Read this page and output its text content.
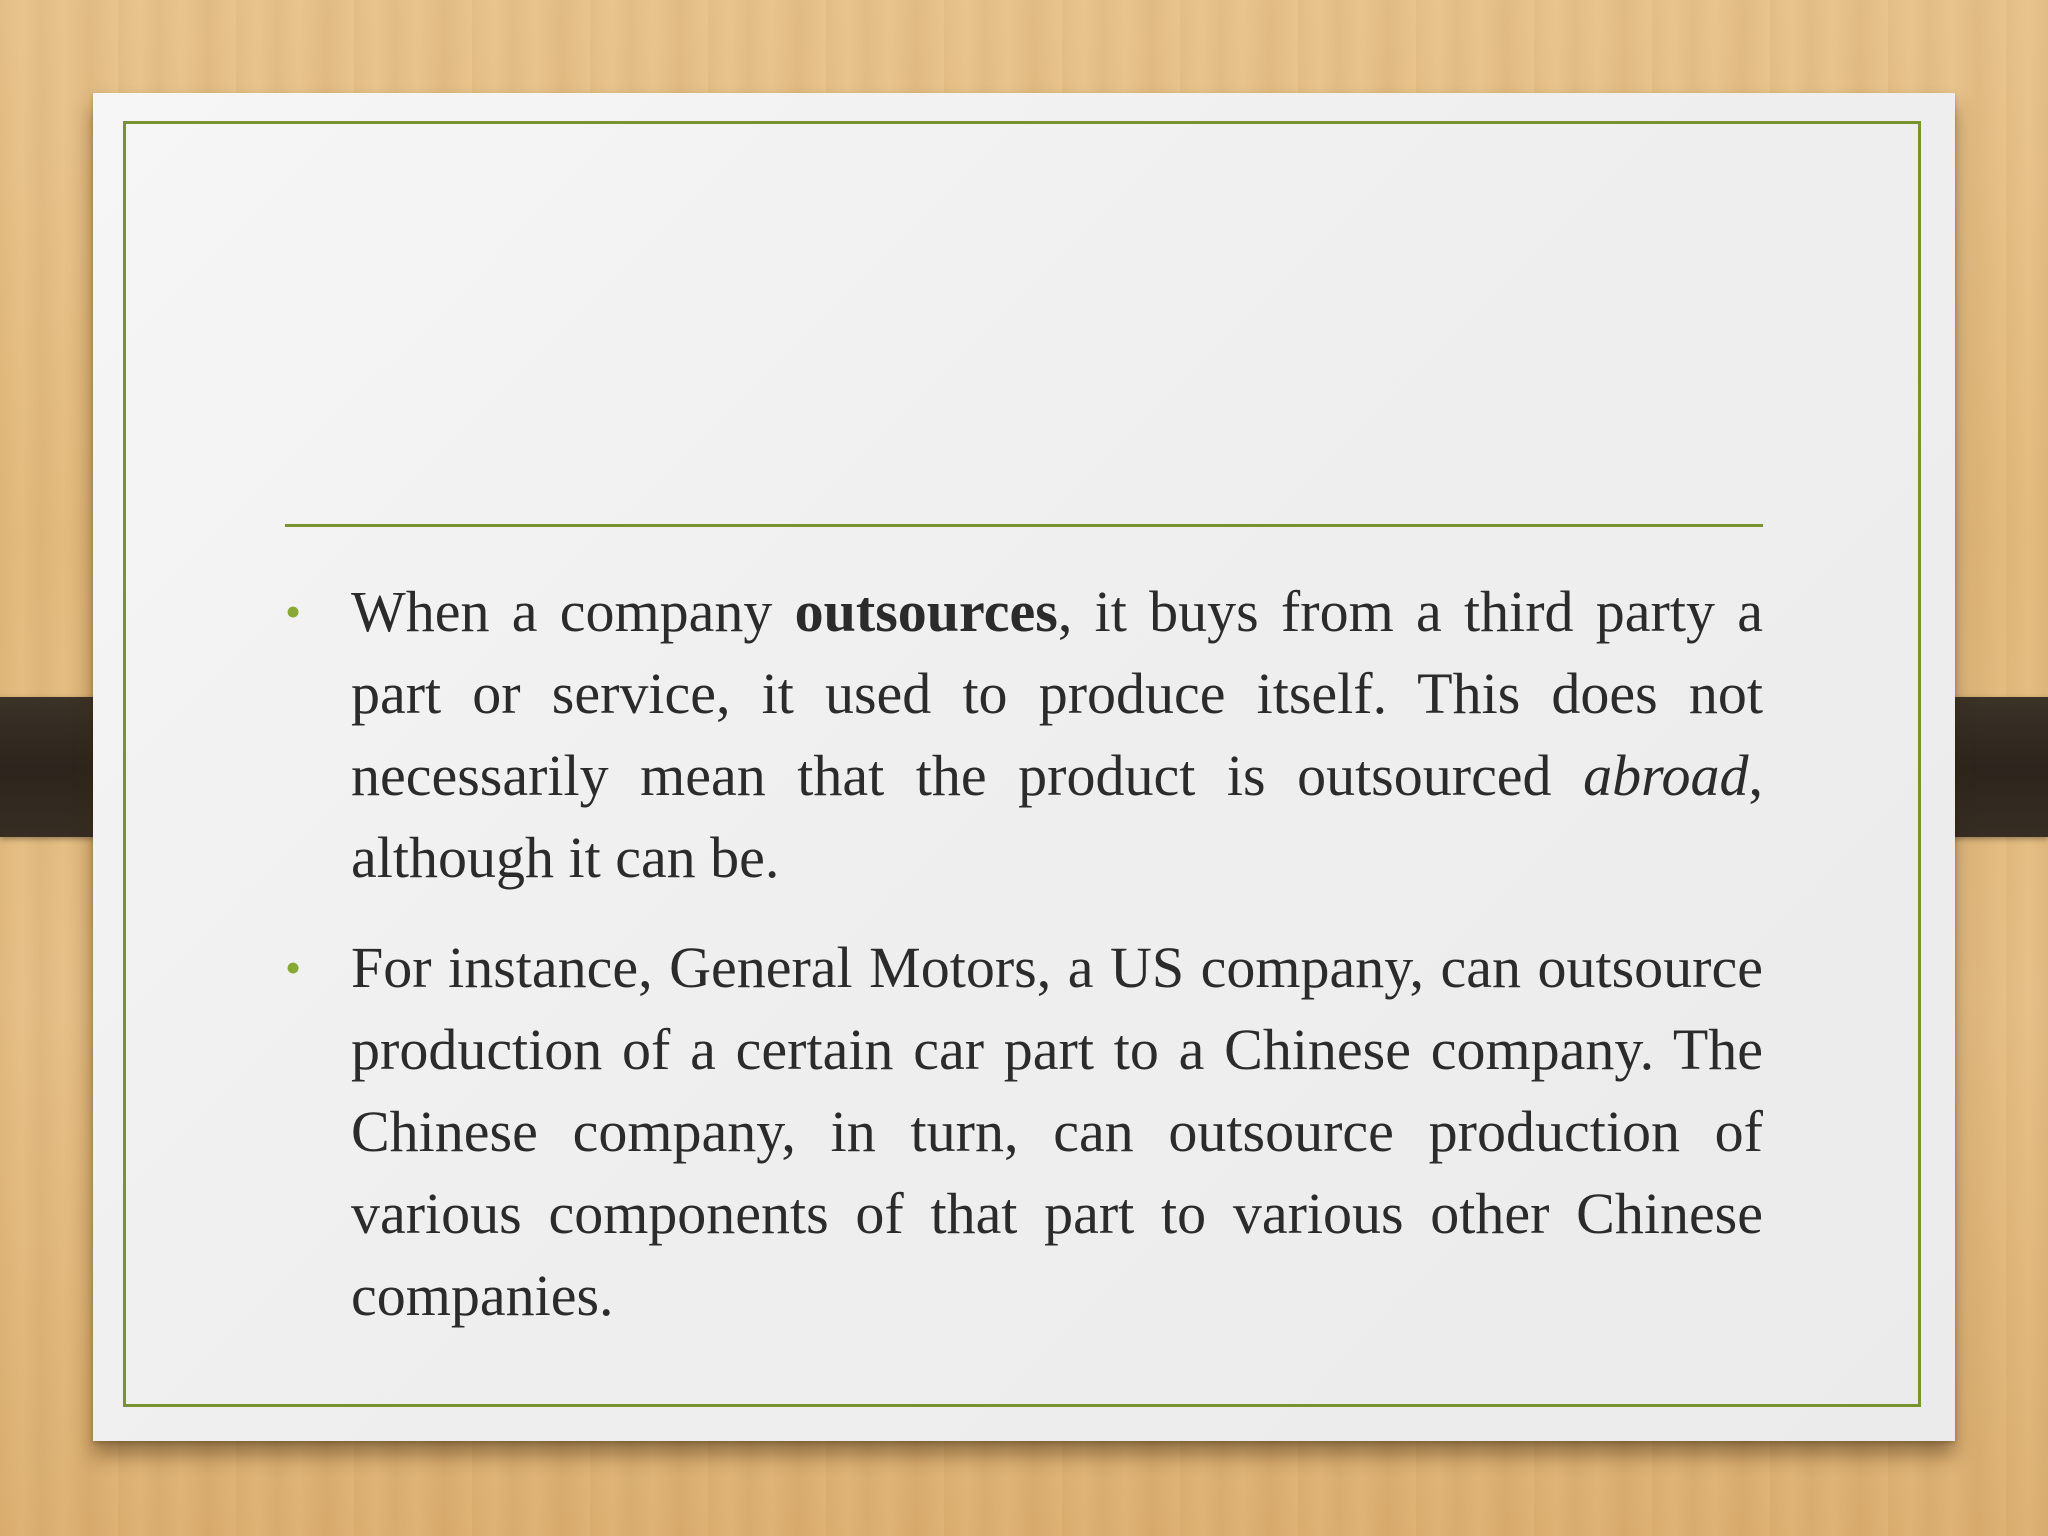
• When a company outsources, it buys from a third party a part or service, it used to produce itself. This does not necessarily mean that the product is outsourced abroad, although it can be.
• For instance, General Motors, a US company, can outsource production of a certain car part to a Chinese company. The Chinese company, in turn, can outsource production of various components of that part to various other Chinese companies.
